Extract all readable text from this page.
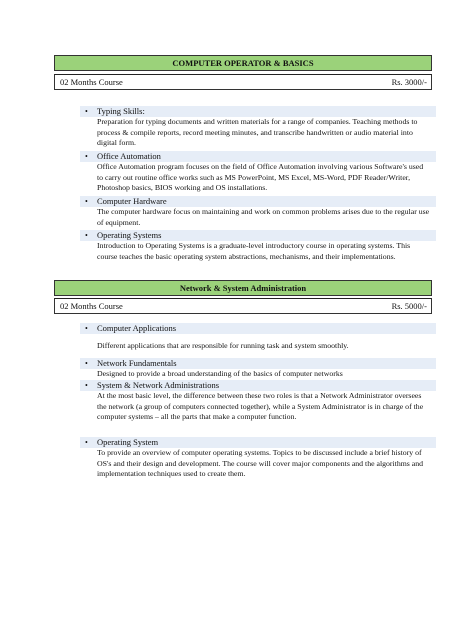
COMPUTER OPERATOR & BASICS
02 Months Course	Rs. 3000/-
• Typing Skills:
Preparation for typing documents and written materials for a range of companies. Teaching methods to process & compile reports, record meeting minutes, and transcribe handwritten or audio material into digital form.
• Office Automation
Office Automation program focuses on the field of Office Automation involving various Software's used to carry out routine office works such as MS PowerPoint, MS Excel, MS-Word, PDF Reader/Writer, Photoshop basics, BIOS working and OS installations.
• Computer Hardware
The computer hardware focus on maintaining and work on common problems arises due to the regular use of equipment.
• Operating Systems
Introduction to Operating Systems is a graduate-level introductory course in operating systems. This course teaches the basic operating system abstractions, mechanisms, and their implementations.
Network & System Administration
02 Months Course	Rs. 5000/-
• Computer Applications
Different applications that are responsible for running task and system smoothly.
• Network Fundamentals
Designed to provide a broad understanding of the basics of computer networks
• System & Network Administrations
At the most basic level, the difference between these two roles is that a Network Administrator oversees the network (a group of computers connected together), while a System Administrator is in charge of the computer systems – all the parts that make a computer function.
• Operating System
To provide an overview of computer operating systems. Topics to be discussed include a brief history of OS's and their design and development. The course will cover major components and the algorithms and implementation techniques used to create them.
